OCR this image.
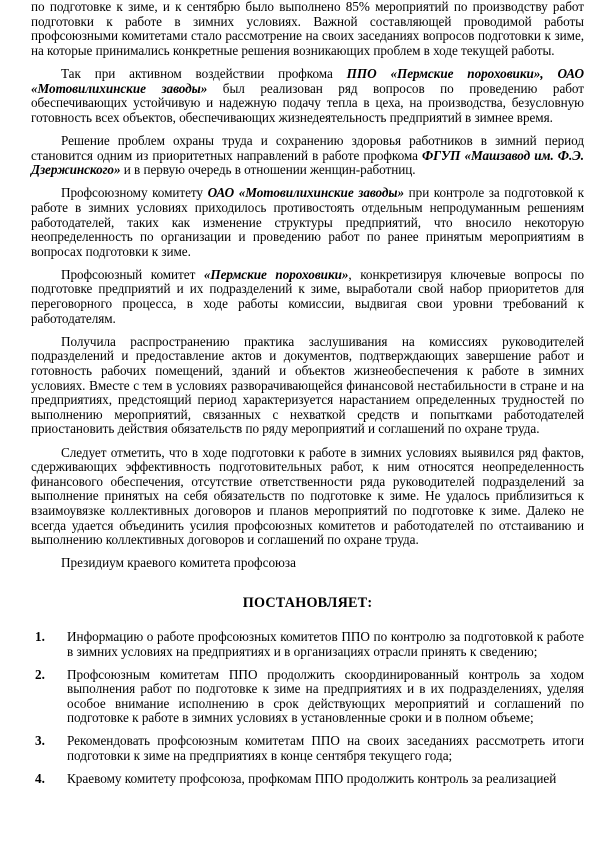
по подготовке к зиме, и к сентябрю было выполнено 85% мероприятий по производству работ подготовки к работе в зимних условиях. Важной составляющей проводимой работы профсоюзными комитетами стало рассмотрение на своих заседаниях вопросов подготовки к зиме, на которые принимались конкретные решения возникающих проблем в ходе текущей работы.

Так при активном воздействии профкома ППО «Пермские пороховики», ОАО «Мотовилихинские заводы» был реализован ряд вопросов по проведению работ обеспечивающих устойчивую и надежную подачу тепла в цеха, на производства, безусловную готовность всех объектов, обеспечивающих жизнедеятельность предприятий в зимнее время.

Решение проблем охраны труда и сохранению здоровья работников в зимний период становится одним из приоритетных направлений в работе профкома ФГУП «Машзавод им. Ф.Э. Дзержинского» и в первую очередь в отношении женщин-работниц.

Профсоюзному комитету ОАО «Мотовилихинские заводы» при контроле за подготовкой к работе в зимних условиях приходилось противостоять отдельным непродуманным решениям работодателей, таких как изменение структуры предприятий, что вносило некоторую неопределенность по организации и проведению работ по ранее принятым мероприятиям в вопросах подготовки к зиме.

Профсоюзный комитет «Пермские пороховики», конкретизируя ключевые вопросы по подготовке предприятий и их подразделений к зиме, выработали свой набор приоритетов для переговорного процесса, в ходе работы комиссии, выдвигая свои уровни требований к работодателям.

Получила распространению практика заслушивания на комиссиях руководителей подразделений и предоставление актов и документов, подтверждающих завершение работ и готовность рабочих помещений, зданий и объектов жизнеобеспечения к работе в зимних условиях. Вместе с тем в условиях разворачивающейся финансовой нестабильности в стране и на предприятиях, предстоящий период характеризуется нарастанием определенных трудностей по выполнению мероприятий, связанных с нехваткой средств и попытками работодателей приостановить действия обязательств по ряду мероприятий и соглашений по охране труда.

Следует отметить, что в ходе подготовки к работе в зимних условиях выявился ряд фактов, сдерживающих эффективность подготовительных работ, к ним относятся неопределенность финансового обеспечения, отсутствие ответственности ряда руководителей подразделений за выполнение принятых на себя обязательств по подготовке к зиме. Не удалось приблизиться к взаимоувязке коллективных договоров и планов мероприятий по подготовке к зиме. Далеко не всегда удается объединить усилия профсоюзных комитетов и работодателей по отстаиванию и выполнению коллективных договоров и соглашений по охране труда.

Президиум краевого комитета профсоюза

ПОСТАНОВЛЯЕТ:
1. Информацию о работе профсоюзных комитетов ППО по контролю за подготовкой к работе в зимних условиях на предприятиях и в организациях отрасли принять к сведению;
2. Профсоюзным комитетам ППО продолжить скоординированный контроль за ходом выполнения работ по подготовке к зиме на предприятиях и в их подразделениях, уделяя особое внимание исполнению в срок действующих мероприятий и соглашений по подготовке к работе в зимних условиях в установленные сроки и в полном объеме;
3. Рекомендовать профсоюзным комитетам ППО на своих заседаниях рассмотреть итоги подготовки к зиме на предприятиях в конце сентября текущего года;
4. Краевому комитету профсоюза, профкомам ППО продолжить контроль за реализацией
